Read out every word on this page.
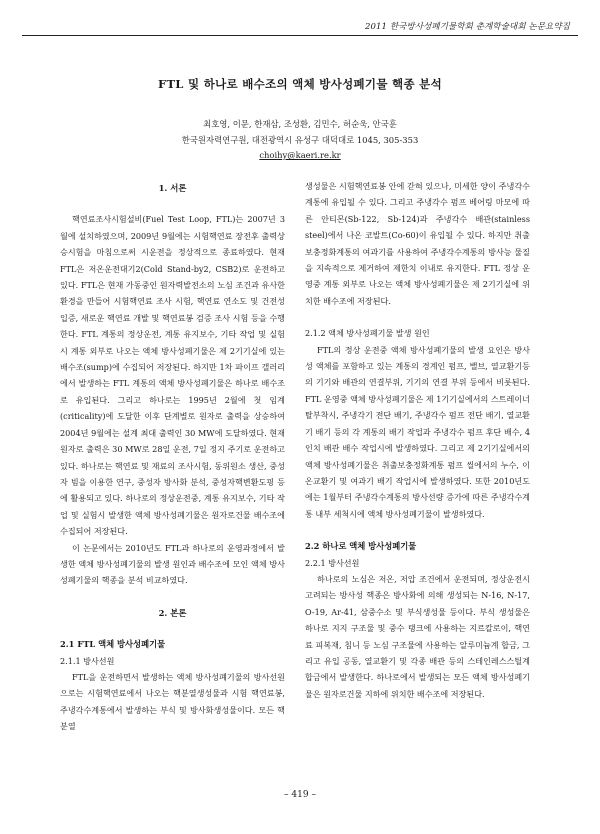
2011 한국방사성폐기물학회 춘계학술대회 논문요약집
FTL 및 하나로 배수조의 액체 방사성폐기물 핵종 분석
최호영, 이문, 한재삼, 조성환, 김민수, 허순욱, 안국훈
한국원자력연구원, 대전광역시 유성구 대덕대로 1045, 305-353
choihy@kaeri.re.kr
1. 서론

핵연료조사시험설비(Fuel Test Loop, FTL)는 2007년 3월에 설치하였으며, 2009년 9월에는 시험핵연료 장전후 출력상승시험을 마침으로써 시운전을 정상적으로 종료하였다. 현재 FTL은 저온운전대기2(Cold Stand-by2, CSB2)로 운전하고 있다. FTL은 현재 가동중인 원자력발전소의 노심 조건과 유사한 환경을 만들어 시험핵연료 조사 시험, 핵연료 연소도 및 건전성 입증, 새로운 핵연료 개발 및 핵연료봉 검증 조사 시험 등을 수행한다. FTL 계통의 정상운전, 계통 유지보수, 기타 작업 및 실험 시 계통 외부로 나오는 액체 방사성폐기물은 제 2기기실에 있는 배수조(sump)에 수집되어 저장된다. 하지만 1차 파이프 갤러리에서 발생하는 FTL 계통의 액체 방사성폐기물은 하나로 배수조로 유입된다. 그리고 하나로는 1995년 2월에 첫 임계(criticality)에 도달한 이후 단계별로 원자로 출력을 상승하여 2004년 9월에는 설계 최대 출력인 30 MW에 도달하였다. 현재 원자로 출력은 30 MW로 28일 운전, 7일 정지 주기로 운전하고 있다. 하나로는 핵연료 및 재료의 조사시험, 동위원소 생산, 중성자 빔을 이용한 연구, 중성자 방사화 분석, 중성자핵변환도핑 등에 활용되고 있다. 하나로의 정상운전중, 계통 유지보수, 기타 작업 및 실험시 발생한 액체 방사성폐기물은 원자로건물 배수조에 수집되어 저장된다.

이 논문에서는 2010년도 FTL과 하나로의 운영과정에서 발생한 액체 방사성폐기물의 발생 원인과 배수조에 모인 액체 방사성폐기물의 핵종을 분석 비교하였다.

2. 본론
2.1 FTL 액체 방사성폐기물
2.1.1 방사선원

FTL을 운전하면서 발생하는 액체 방사성폐기물의 방사선원으로는 시험핵연료에서 나오는 핵분열생성물과 시험 핵연료봉, 주냉각수계통에서 발생하는 부식 및 방사화생성물이다. 모든 핵분열

생성물은 시험핵연료봉 안에 갇혀 있으나, 미세한 양이 주냉각수계통에 유입될 수 있다. 그리고 주냉각수 펌프 베어링 마모에 따른 안티몬(Sb-122, Sb-124)과 주냉각수 배관(stainless steel)에서 나온 코발트(Co-60)이 유입될 수 있다. 하지만 취출보충정화계통의 여과기를 사용하여 주냉각수계통의 방사능 물질을 지속적으로 제거하여 제한치 이내로 유지한다. FTL 정상 운영중 계통 외부로 나오는 액체 방사성폐기물은 제 2기기실에 위치한 배수조에 저장된다.

2.1.2 액체 방사성폐기물 발생 원인

FTL의 정상 운전중 액체 방사성폐기물의 발생 요인은 방사성 액체를 포함하고 있는 계통의 경계인 펌프, 밸브, 열교환기등의 기기와 배관의 연결부위, 기기의 연결 부위 등에서 비롯된다. FTL 운영중 액체 방사성폐기물은 제 1기기실에서의 스트레이너 탈부착시, 주냉각기 전단 배기, 주냉각수 펌프 전단 배기, 열교환기 배기 등의 각 계통의 배기 작업과 주냉각수 펌프 후단 배수, 4인치 배관 배수 작업시에 발생하였다. 그리고 제 2기기실에서의 액체 방사성폐기물은 취출보충정화계통 펌프 씰에서의 누수, 이온교환기 및 여과기 배기 작업시에 발생하였다. 또한 2010년도에는 1월부터 주냉각수계통의 방사선량 증가에 따른 주냉각수계통 내부 세척시에 액체 방사성폐기물이 발생하였다.

2.2 하나로 액체 방사성폐기물
2.2.1 방사선원

하나로의 노심은 저온, 저압 조건에서 운전되며, 정상운전시 고려되는 방사성 핵종은 방사화에 의해 생성되는 N-16, N-17, O-19, Ar-41, 삼중수소 및 부식생성물 등이다. 부식 생성물은 하나로 지지 구조물 및 중수 탱크에 사용하는 지르칼로이, 핵연료 피복재, 침니 등 노심 구조물에 사용하는 알루미늄계 합금, 그리고 유입 공동, 열교환기 및 각종 배관 등의 스테인레스스틸계 합금에서 발생한다. 하나로에서 발생되는 모든 액체 방사성폐기물은 원자로건물 지하에 위치한 배수조에 저장된다.

– 419 –
